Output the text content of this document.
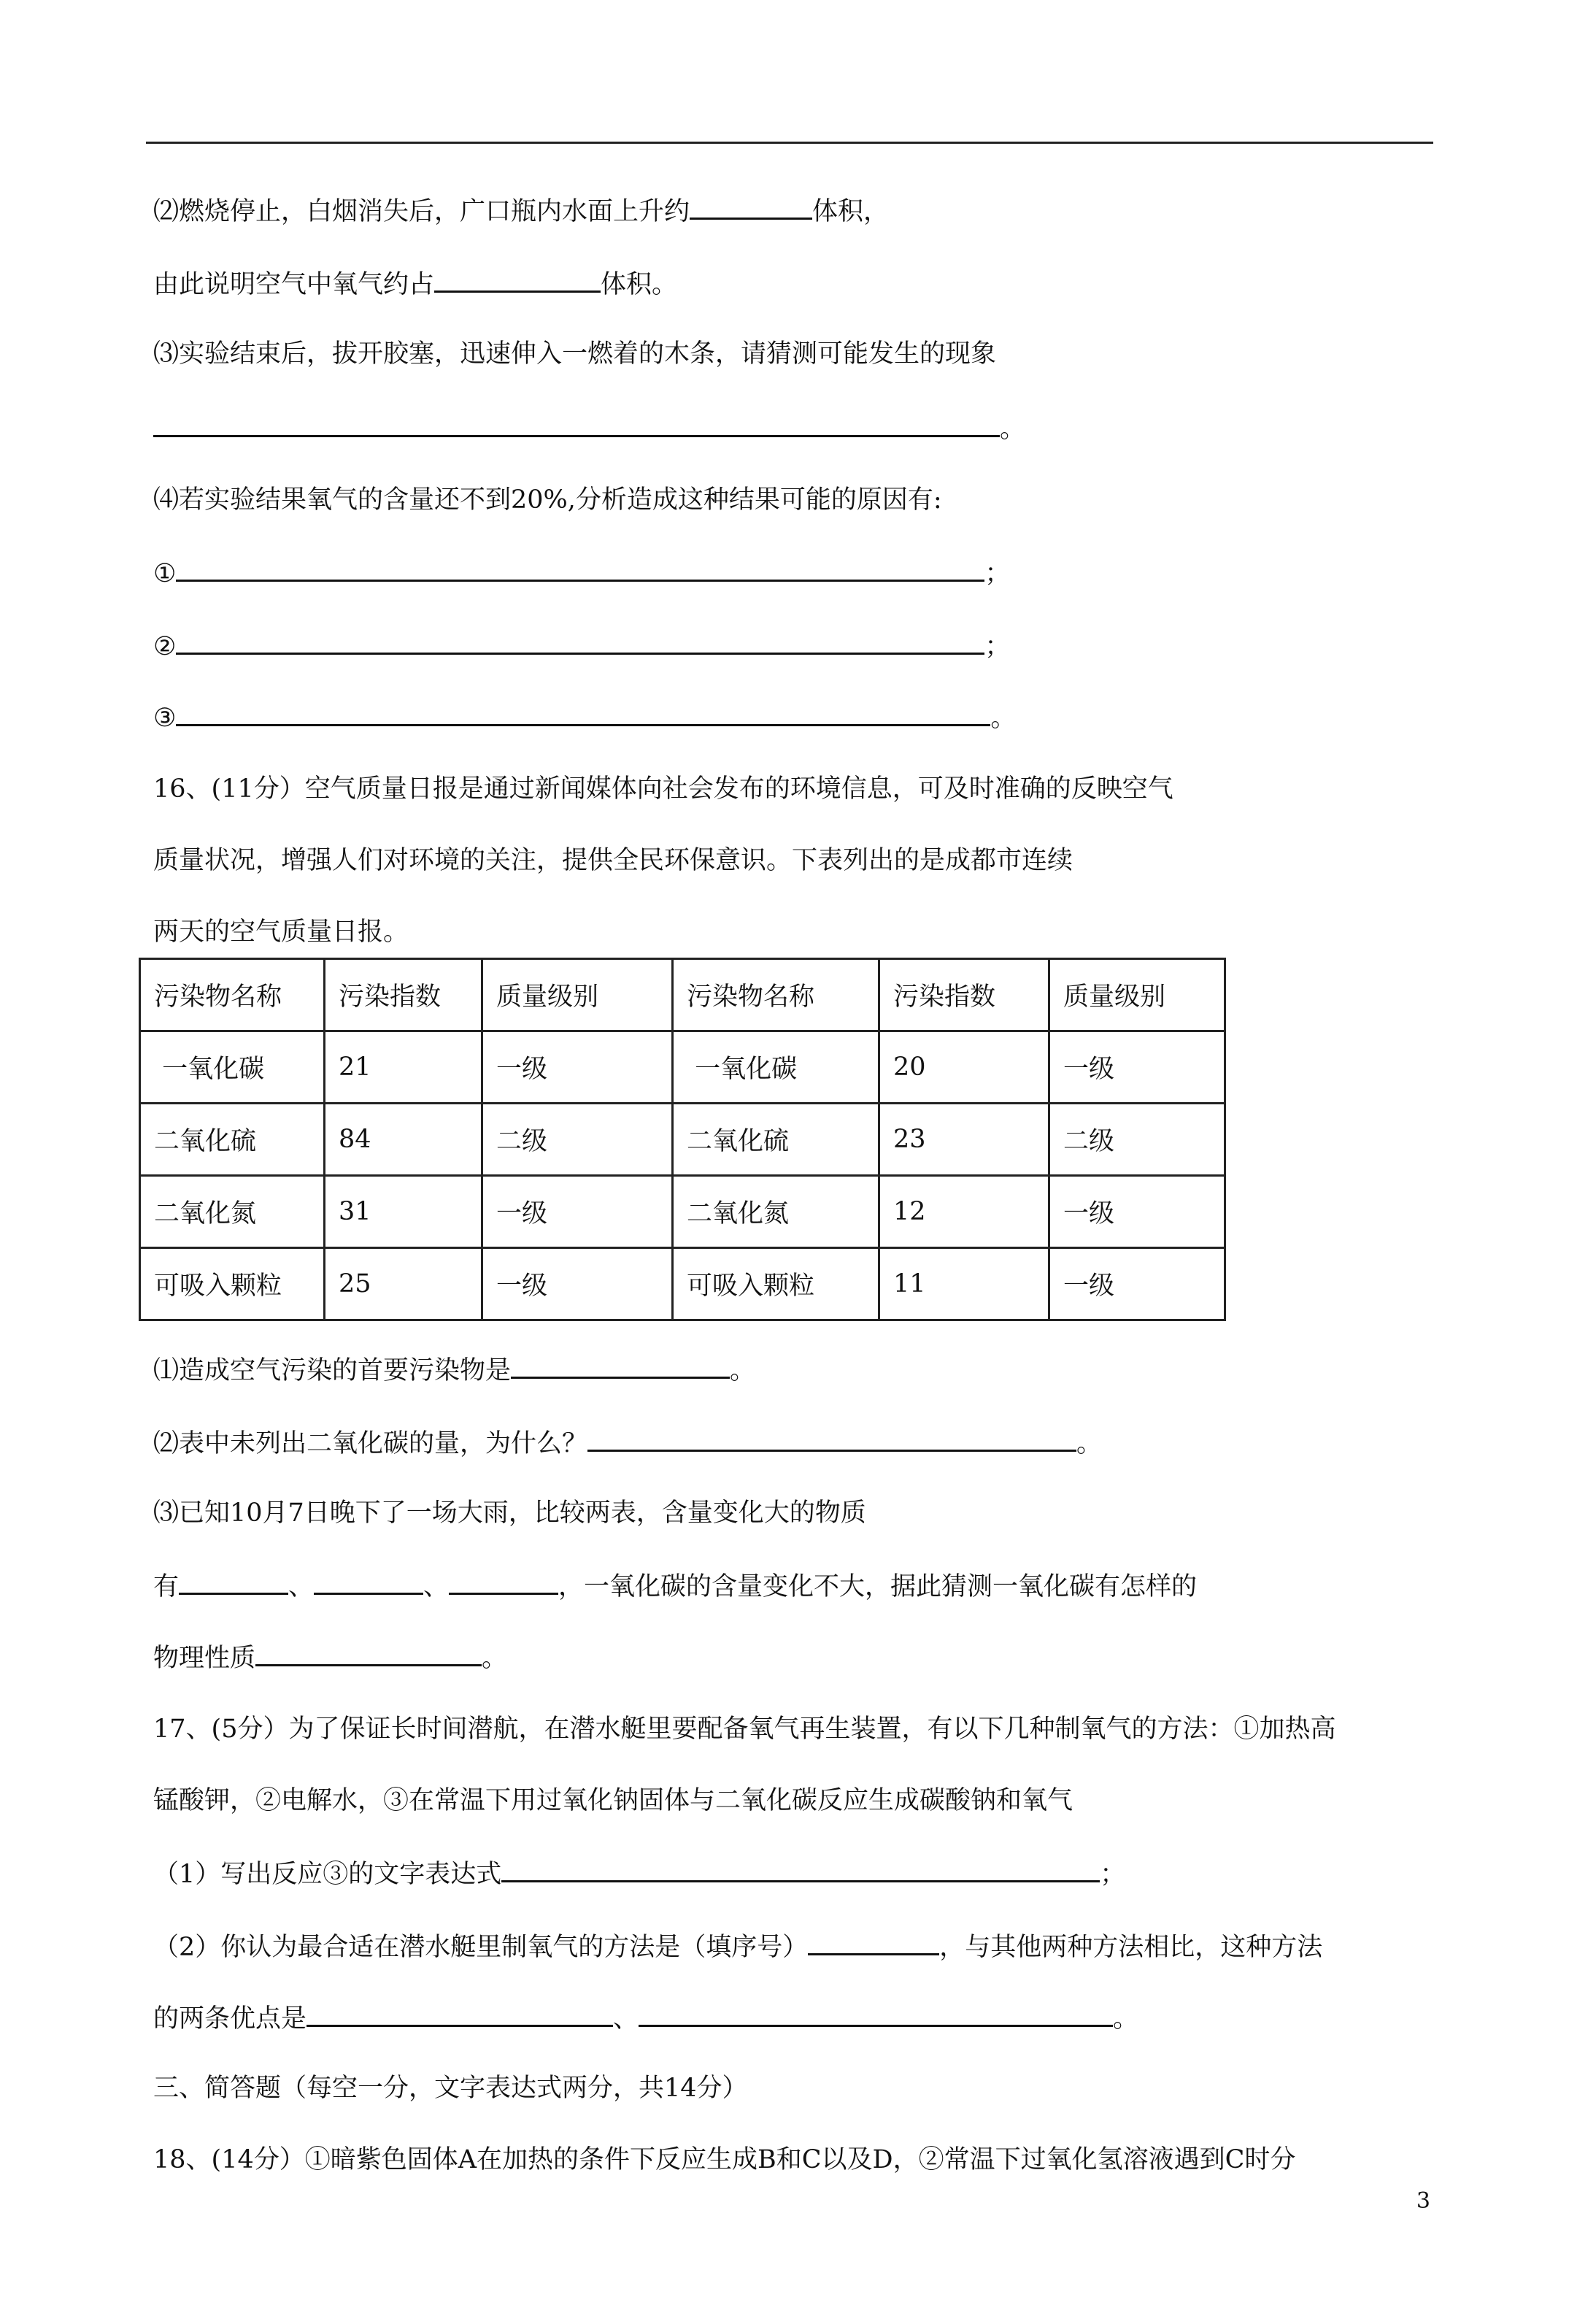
⑵燃烧停止，白烟消失后，广口瓶内水面上升约	体积，
由此说明空气中氧气约占	体积。
⑶实验结束后，拔开胶塞，迅速伸入一燃着的木条，请猜测可能发生的现象
。
⑷若实验结果氧气的含量还不到20%,分析造成这种结果可能的原因有:
①	；
②	；
③	。
16、(11分）空气质量日报是通过新闻媒体向社会发布的环境信息，可及时准确的反映空气
质量状况，增强人们对环境的关注，提供全民环保意识。下表列出的是成都市连续
两天的空气质量日报。
污染物名称	污染指数	质量级别	污染物名称	污染指数	质量级别
一氧化碳	21	一级	一氧化碳	20	一级
二氧化硫	84	二级	二氧化硫	23	二级
二氧化氮	31	一级	二氧化氮	12	一级
可吸入颗粒	25	一级	可吸入颗粒	11	一级
⑴造成空气污染的首要污染物是	。
⑵表中未列出二氧化碳的量，为什么？	。
⑶已知10月7日晚下了一场大雨，比较两表，含量变化大的物质
有	、	、	，一氧化碳的含量变化不大，据此猜测一氧化碳有怎样的
物理性质	。
17、(5分）为了保证长时间潜航，在潜水艇里要配备氧气再生装置，有以下几种制氧气的方法：①加热高
锰酸钾，②电解水，③在常温下用过氧化钠固体与二氧化碳反应生成碳酸钠和氧气
（1）写出反应③的文字表达式	；
（2）你认为最合适在潜水艇里制氧气的方法是（填序号）	，与其他两种方法相比，这种方法
的两条优点是	、	。
三、简答题（每空一分，文字表达式两分，共14分）
18、(14分）①暗紫色固体A在加热的条件下反应生成B和C以及D，②常温下过氧化氢溶液遇到C时分
3
